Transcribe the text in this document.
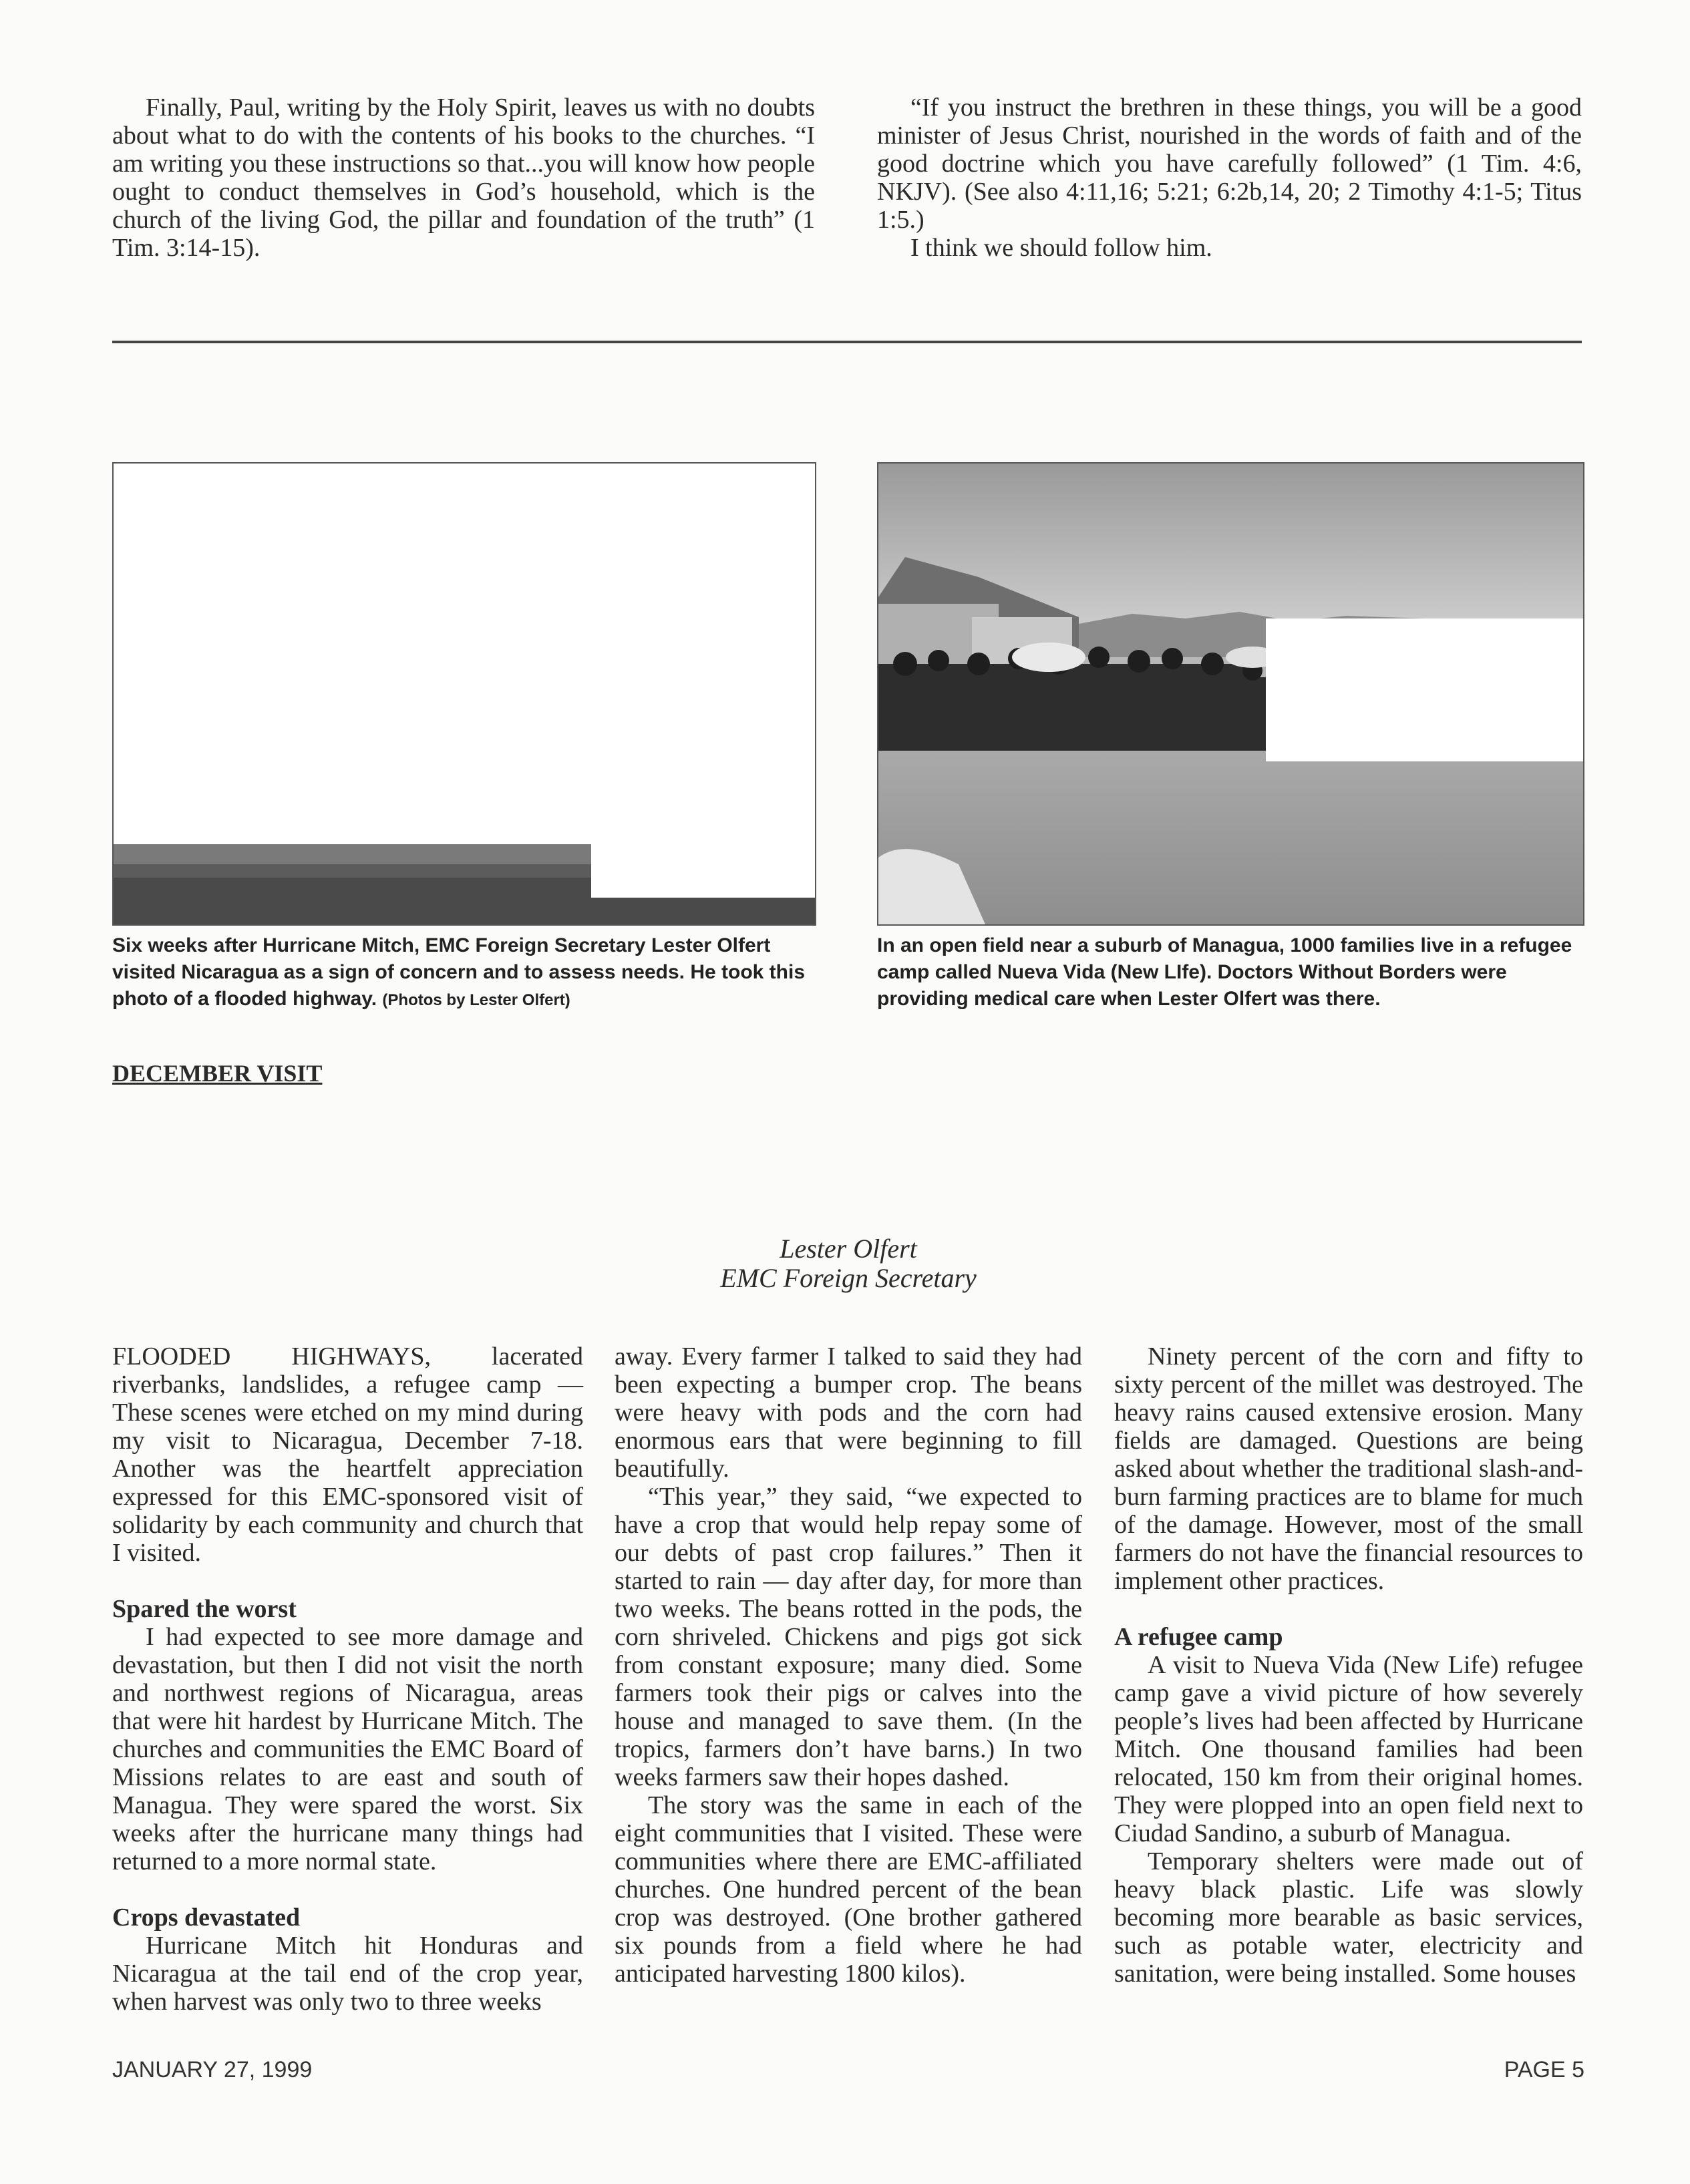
Finally, Paul, writing by the Holy Spirit, leaves us with no doubts about what to do with the contents of his books to the churches. “I am writing you these instructions so that...you will know how people ought to conduct themselves in God’s household, which is the church of the living God, the pillar and foundation of the truth” (1 Tim. 3:14-15).

“If you instruct the brethren in these things, you will be a good minister of Jesus Christ, nourished in the words of faith and of the good doctrine which you have carefully followed” (1 Tim. 4:6, NKJV). (See also 4:11,16; 5:21; 6:2b,14, 20; 2 Timothy 4:1-5; Titus 1:5.)

I think we should follow him.

Six weeks after Hurricane Mitch, EMC Foreign Secretary Lester Olfert visited Nicaragua as a sign of concern and to assess needs. He took this photo of a flooded highway. (Photos by Lester Olfert)
In an open field near a suburb of Managua, 1000 families live in a refugee camp called Nueva Vida (New LIfe). Doctors Without Borders were providing medical care when Lester Olfert was there.
DECEMBER VISIT
Lester Olfert
EMC Foreign Secretary

FLOODED HIGHWAYS, lacerated riverbanks, landslides, a refugee camp — These scenes were etched on my mind during my visit to Nicaragua, December 7-18. Another was the heartfelt appreciation expressed for this EMC-sponsored visit of solidarity by each community and church that I visited.

Spared the worst

I had expected to see more damage and devastation, but then I did not visit the north and northwest regions of Nicaragua, areas that were hit hardest by Hurricane Mitch. The churches and communities the EMC Board of Missions relates to are east and south of Managua. They were spared the worst. Six weeks after the hurricane many things had returned to a more normal state.

Crops devastated

Hurricane Mitch hit Honduras and Nicaragua at the tail end of the crop year, when harvest was only two to three weeks

away. Every farmer I talked to said they had been expecting a bumper crop. The beans were heavy with pods and the corn had enormous ears that were beginning to fill beautifully.

“This year,” they said, “we expected to have a crop that would help repay some of our debts of past crop failures.” Then it started to rain — day after day, for more than two weeks. The beans rotted in the pods, the corn shriveled. Chickens and pigs got sick from constant exposure; many died. Some farmers took their pigs or calves into the house and managed to save them. (In the tropics, farmers don’t have barns.) In two weeks farmers saw their hopes dashed.

The story was the same in each of the eight communities that I visited. These were communities where there are EMC-affiliated churches. One hundred percent of the bean crop was destroyed. (One brother gathered six pounds from a field where he had anticipated harvesting 1800 kilos).

Ninety percent of the corn and fifty to sixty percent of the millet was destroyed. The heavy rains caused extensive erosion. Many fields are damaged. Questions are being asked about whether the traditional slash-and-burn farming practices are to blame for much of the damage. However, most of the small farmers do not have the financial resources to implement other practices.

A refugee camp

A visit to Nueva Vida (New Life) refugee camp gave a vivid picture of how severely people’s lives had been affected by Hurricane Mitch. One thousand families had been relocated, 150 km from their original homes. They were plopped into an open field next to Ciudad Sandino, a suburb of Managua.

Temporary shelters were made out of heavy black plastic. Life was slowly becoming more bearable as basic services, such as potable water, electricity and sanitation, were being installed. Some houses

JANUARY 27, 1999	PAGE 5
